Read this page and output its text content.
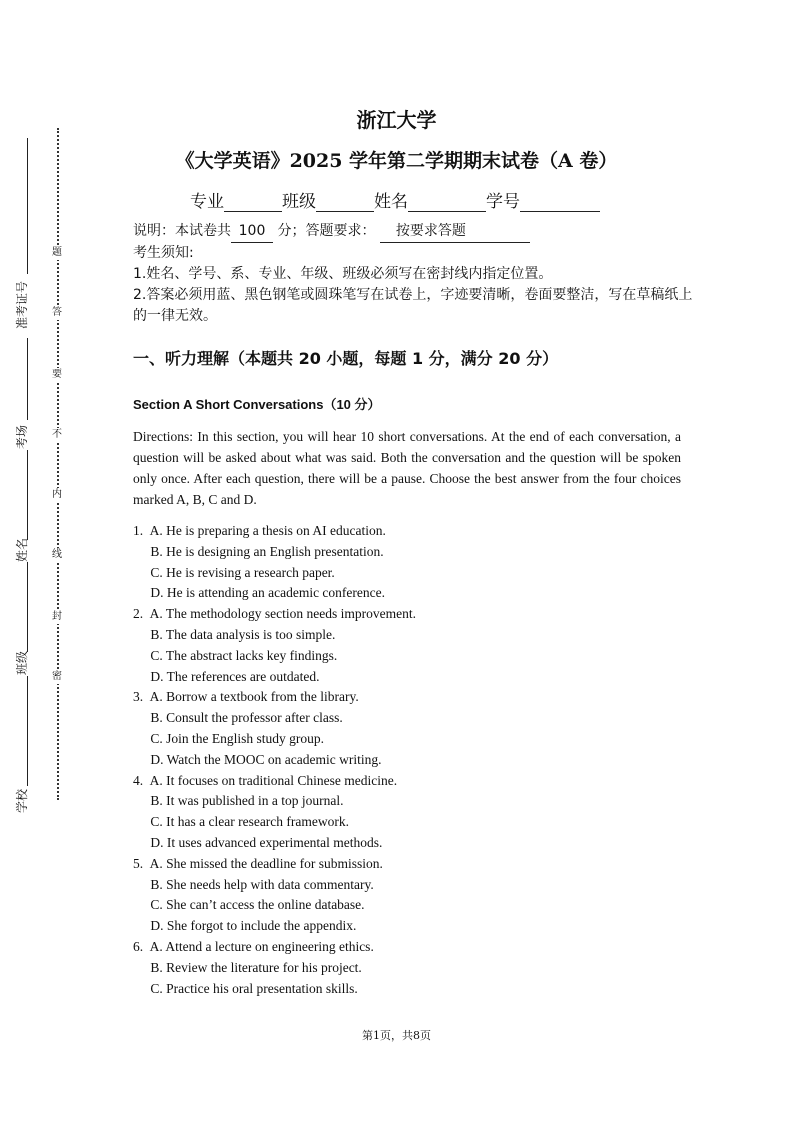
准考证号
考场
姓名
班级
学校
题
答
要
不
内
线
封
密
浙江大学
《大学英语》2025 学年第二学期期末试卷（A 卷）
专业	班级	姓名	学号
说明：本试卷共 100 分；答题要求： 按要求答题
考生须知:
1.姓名、学号、系、专业、年级、班级必须写在密封线内指定位置。
2.答案必须用蓝、黑色钢笔或圆珠笔写在试卷上，字迹要清晰，卷面要整洁，写在草稿纸上的一律无效。
一、听力理解（本题共 20 小题，每题 1 分，满分 20 分）
Section A Short Conversations（10 分）
Directions: In this section, you will hear 10 short conversations. At the end of each conversation, a question will be asked about what was said. Both the conversation and the question will be spoken only once. After each question, there will be a pause. Choose the best answer from the four choices marked A, B, C and D.
1. A. He is preparing a thesis on AI education.
B. He is designing an English presentation.
C. He is revising a research paper.
D. He is attending an academic conference.
2. A. The methodology section needs improvement.
B. The data analysis is too simple.
C. The abstract lacks key findings.
D. The references are outdated.
3. A. Borrow a textbook from the library.
B. Consult the professor after class.
C. Join the English study group.
D. Watch the MOOC on academic writing.
4. A. It focuses on traditional Chinese medicine.
B. It was published in a top journal.
C. It has a clear research framework.
D. It uses advanced experimental methods.
5. A. She missed the deadline for submission.
B. She needs help with data commentary.
C. She can’t access the online database.
D. She forgot to include the appendix.
6. A. Attend a lecture on engineering ethics.
B. Review the literature for his project.
C. Practice his oral presentation skills.
第1页，共8页
